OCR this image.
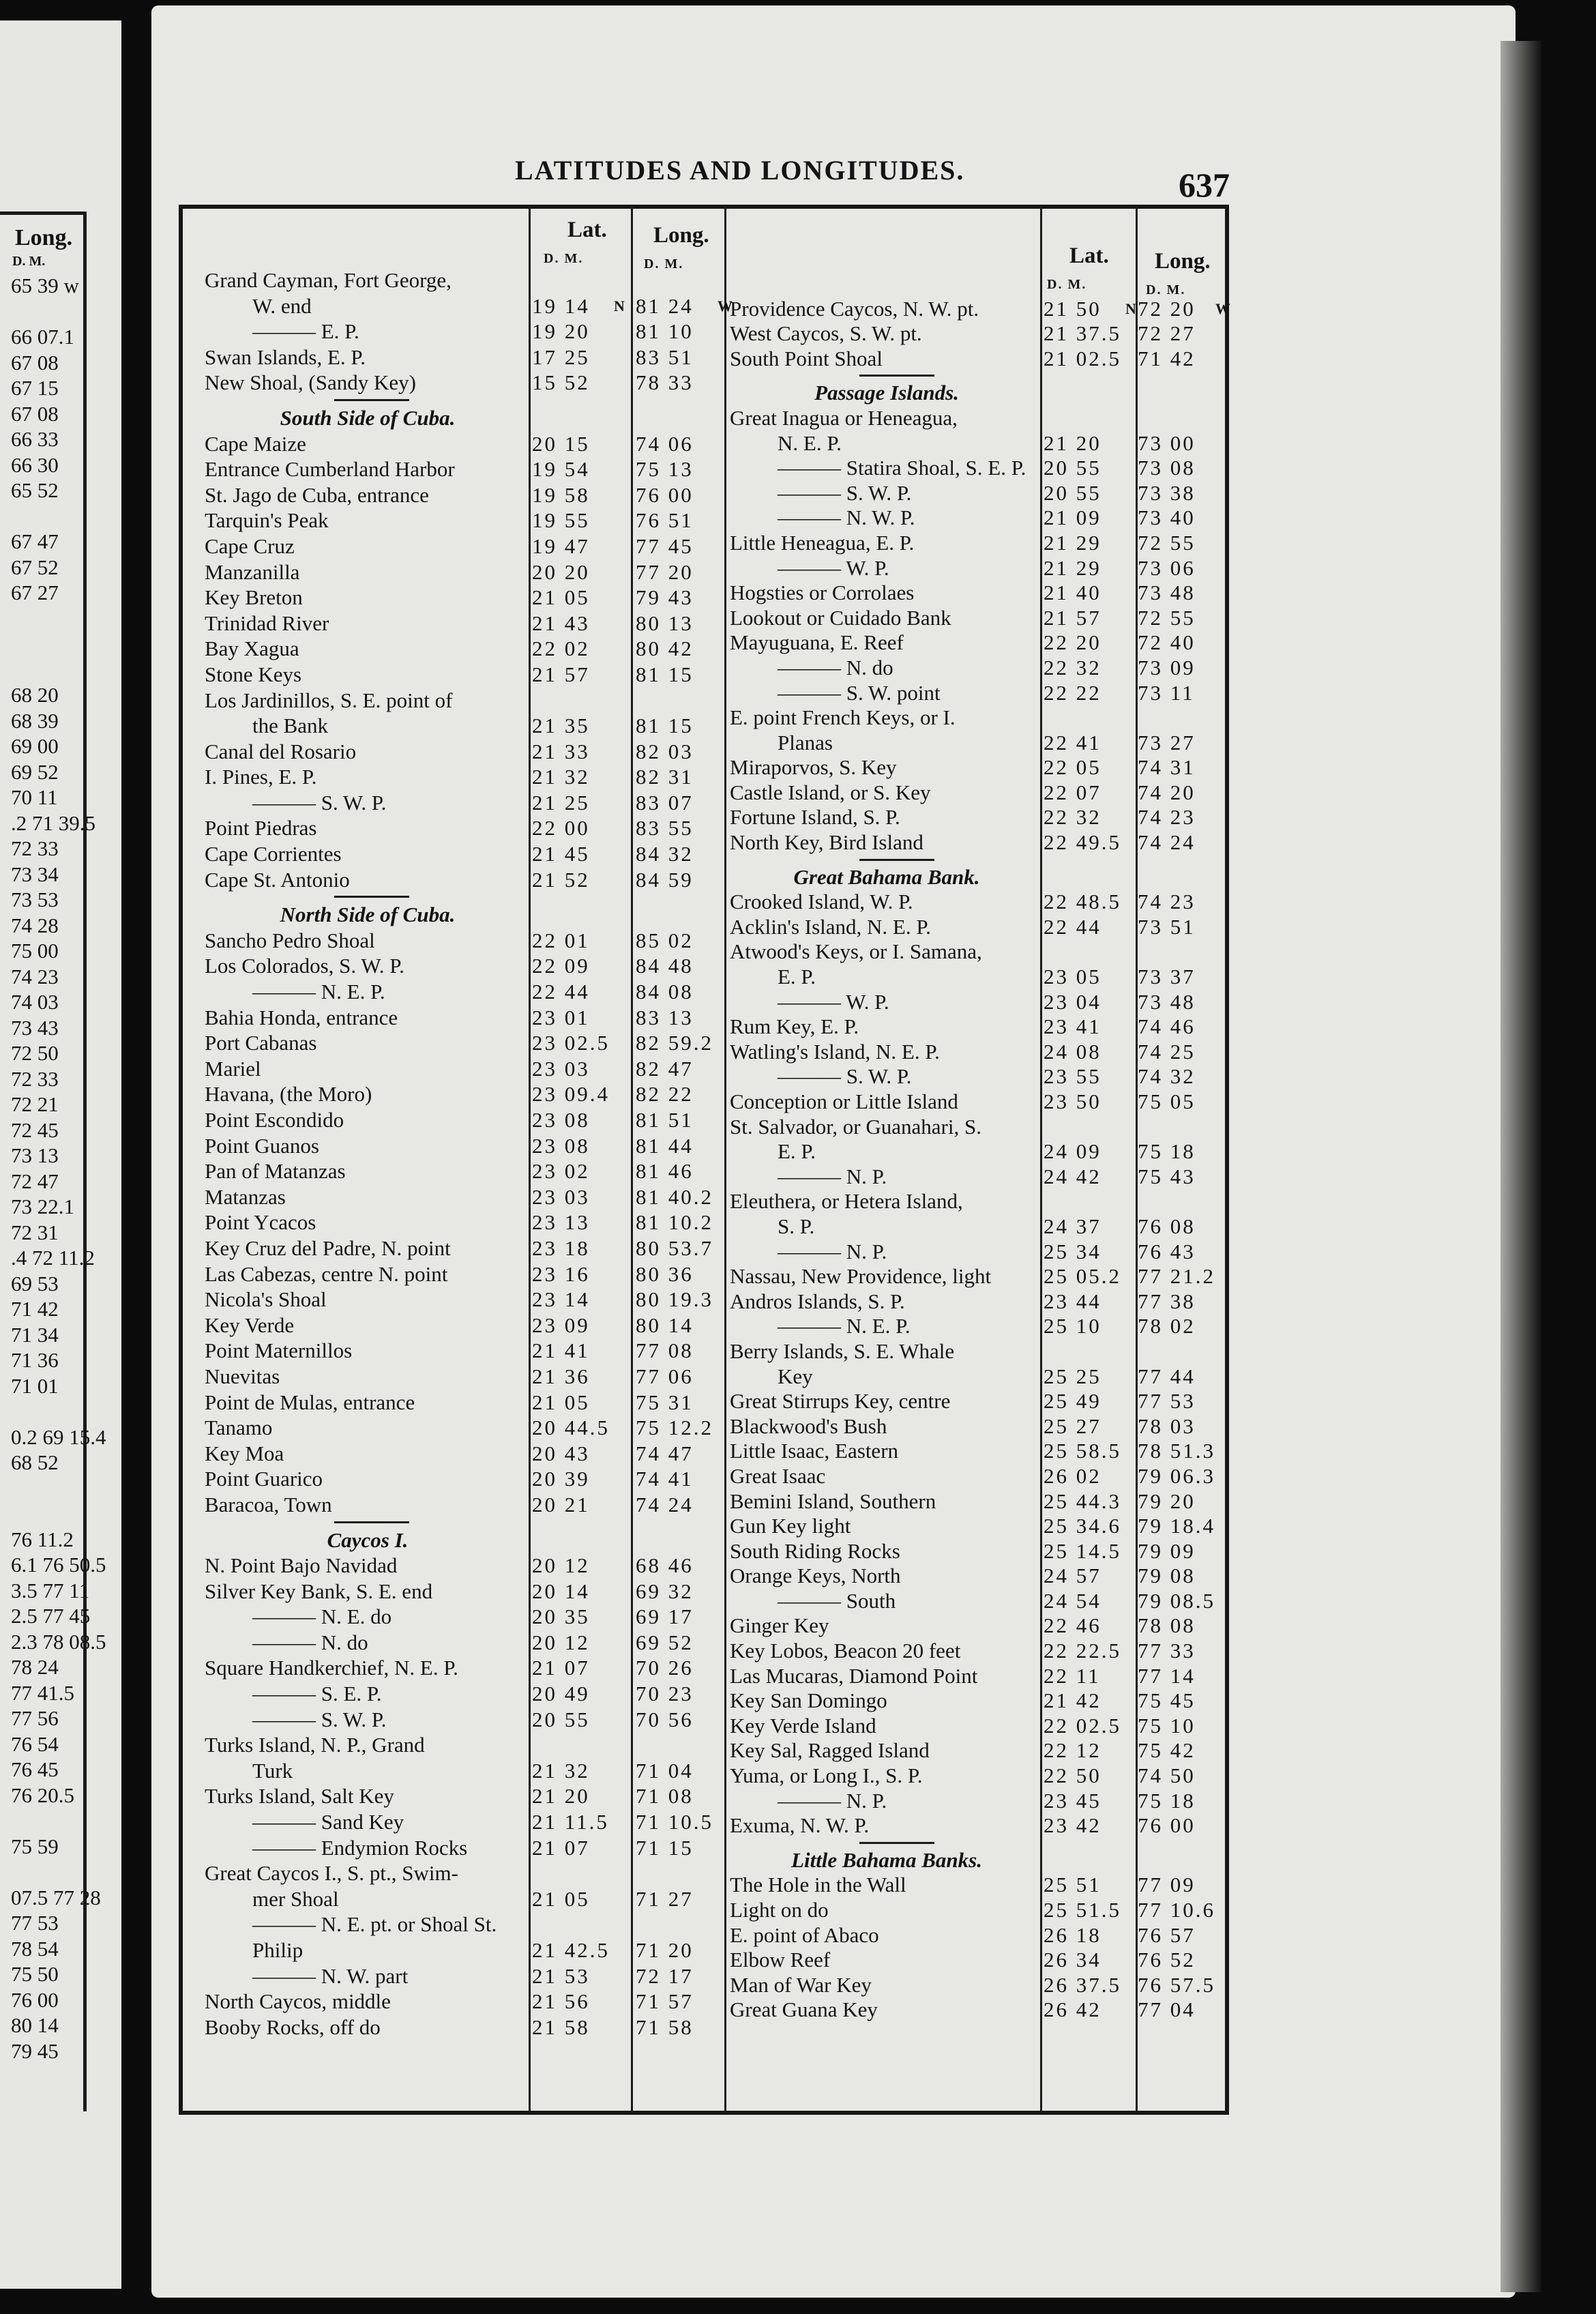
Long.
D. M.
65 39 w
66 07.1
67 08
67 15
67 08
66 33
66 30
65 52
67 47
67 52
67 27
68 20
68 39
69 00
69 52
70 11
.2 71 39.5
72 33
73 34
73 53
74 28
75 00
74 23
74 03
73 43
72 50
72 33
72 21
72 45
73 13
72 47
73 22.1
72 31
.4 72 11.2
69 53
71 42
71 34
71 36
71 01
0.2 69 15.4
68 52
76 11.2
6.1 76 50.5
3.5 77 11
2.5 77 45
2.3 78 08.5
78 24
77 41.5
77 56
76 54
76 45
76 20.5
75 59
07.5 77 28
77 53
78 54
75 50
76 00
80 14
79 45
LATITUDES AND LONGITUDES.	637
Lat.
D. M.
Long.
D. M.	Lat.
D. M.
Long.
D. M.
Grand Cayman, Fort George,
W. end	19 14 N 81 24 W
——— E. P.	19 20 81 10
Swan Islands, E. P.	17 25 83 51
New Shoal, (Sandy Key)	15 52 78 33
South Side of Cuba.
Cape Maize	20 15 74 06
Entrance Cumberland Harbor	19 54 75 13
St. Jago de Cuba, entrance	19 58 76 00
Tarquin's Peak	19 55 76 51
Cape Cruz	19 47 77 45
Manzanilla	20 20 77 20
Key Breton	21 05 79 43
Trinidad River	21 43 80 13
Bay Xagua	22 02 80 42
Stone Keys	21 57 81 15
Los Jardinillos, S. E. point of
the Bank	21 35 81 15
Canal del Rosario	21 33 82 03
I. Pines, E. P.	21 32 82 31
——— S. W. P.	21 25 83 07
Point Piedras	22 00 83 55
Cape Corrientes	21 45 84 32
Cape St. Antonio	21 52 84 59
North Side of Cuba.
Sancho Pedro Shoal	22 01 85 02
Los Colorados, S. W. P.	22 09 84 48
——— N. E. P.	22 44 84 08
Bahia Honda, entrance	23 01 83 13
Port Cabanas	23 02.5 82 59.2
Mariel	23 03 82 47
Havana, (the Moro)	23 09.4 82 22
Point Escondido	23 08 81 51
Point Guanos	23 08 81 44
Pan of Matanzas	23 02 81 46
Matanzas	23 03 81 40.2
Point Ycacos	23 13 81 10.2
Key Cruz del Padre, N. point	23 18 80 53.7
Las Cabezas, centre N. point	23 16 80 36
Nicola's Shoal	23 14 80 19.3
Key Verde	23 09 80 14
Point Maternillos	21 41 77 08
Nuevitas	21 36 77 06
Point de Mulas, entrance	21 05 75 31
Tanamo	20 44.5 75 12.2
Key Moa	20 43 74 47
Point Guarico	20 39 74 41
Baracoa, Town	20 21 74 24
Caycos I.
N. Point Bajo Navidad	20 12 68 46
Silver Key Bank, S. E. end	20 14 69 32
——— N. E. do	20 35 69 17
——— N. do	20 12 69 52
Square Handkerchief, N. E. P.	21 07 70 26
——— S. E. P.	20 49 70 23
——— S. W. P.	20 55 70 56
Turks Island, N. P., Grand
Turk	21 32 71 04
Turks Island, Salt Key	21 20 71 08
——— Sand Key	21 11.5 71 10.5
——— Endymion Rocks	21 07 71 15
Great Caycos I., S. pt., Swim-
mer Shoal	21 05 71 27
——— N. E. pt. or Shoal St.
Philip	21 42.5 71 20
——— N. W. part	21 53 72 17
North Caycos, middle	21 56 71 57
Booby Rocks, off do	21 58 71 58
Providence Caycos, N. W. pt.	21 50 N 72 20 W
West Caycos, S. W. pt.	21 37.5 72 27
South Point Shoal	21 02.5 71 42
Passage Islands.
Great Inagua or Heneagua,
N. E. P.	21 20 73 00
——— Statira Shoal, S. E. P. 20 55 73 08
——— S. W. P.	20 55 73 38
——— N. W. P.	21 09 73 40
Little Heneagua, E. P.	21 29 72 55
——— W. P.	21 29 73 06
Hogsties or Corrolaes	21 40 73 48
Lookout or Cuidado Bank	21 57 72 55
Mayuguana, E. Reef	22 20 72 40
——— N. do	22 32 73 09
——— S. W. point	22 22 73 11
E. point French Keys, or I.
Planas	22 41 73 27
Miraporvos, S. Key	22 05 74 31
Castle Island, or S. Key	22 07 74 20
Fortune Island, S. P.	22 32 74 23
North Key, Bird Island	22 49.5 74 24
Great Bahama Bank.
Crooked Island, W. P.	22 48.5 74 23
Acklin's Island, N. E. P.	22 44 73 51
Atwood's Keys, or I. Samana,
E. P.	23 05 73 37
——— W. P.	23 04 73 48
Rum Key, E. P.	23 41 74 46
Watling's Island, N. E. P.	24 08 74 25
——— S. W. P.	23 55 74 32
Conception or Little Island	23 50 75 05
St. Salvador, or Guanahari, S.
E. P.	24 09 75 18
——— N. P.	24 42 75 43
Eleuthera, or Hetera Island,
S. P.	24 37 76 08
——— N. P.	25 34 76 43
Nassau, New Providence, light	25 05.2 77 21.2
Andros Islands, S. P.	23 44 77 38
——— N. E. P.	25 10 78 02
Berry Islands, S. E. Whale
Key	25 25 77 44
Great Stirrups Key, centre	25 49 77 53
Blackwood's Bush	25 27 78 03
Little Isaac, Eastern	25 58.5 78 51.3
Great Isaac	26 02 79 06.3
Bemini Island, Southern	25 44.3 79 20
Gun Key light	25 34.6 79 18.4
South Riding Rocks	25 14.5 79 09
Orange Keys, North	24 57 79 08
——— South	24 54 79 08.5
Ginger Key	22 46 78 08
Key Lobos, Beacon 20 feet	22 22.5 77 33
Las Mucaras, Diamond Point	22 11 77 14
Key San Domingo	21 42 75 45
Key Verde Island	22 02.5 75 10
Key Sal, Ragged Island	22 12 75 42
Yuma, or Long I., S. P.	22 50 74 50
——— N. P.	23 45 75 18
Exuma, N. W. P.	23 42 76 00
Little Bahama Banks.
The Hole in the Wall	25 51 77 09
Light on do	25 51.5 77 10.6
E. point of Abaco	26 18 76 57
Elbow Reef	26 34 76 52
Man of War Key	26 37.5 76 57.5
Great Guana Key	26 42 77 04
